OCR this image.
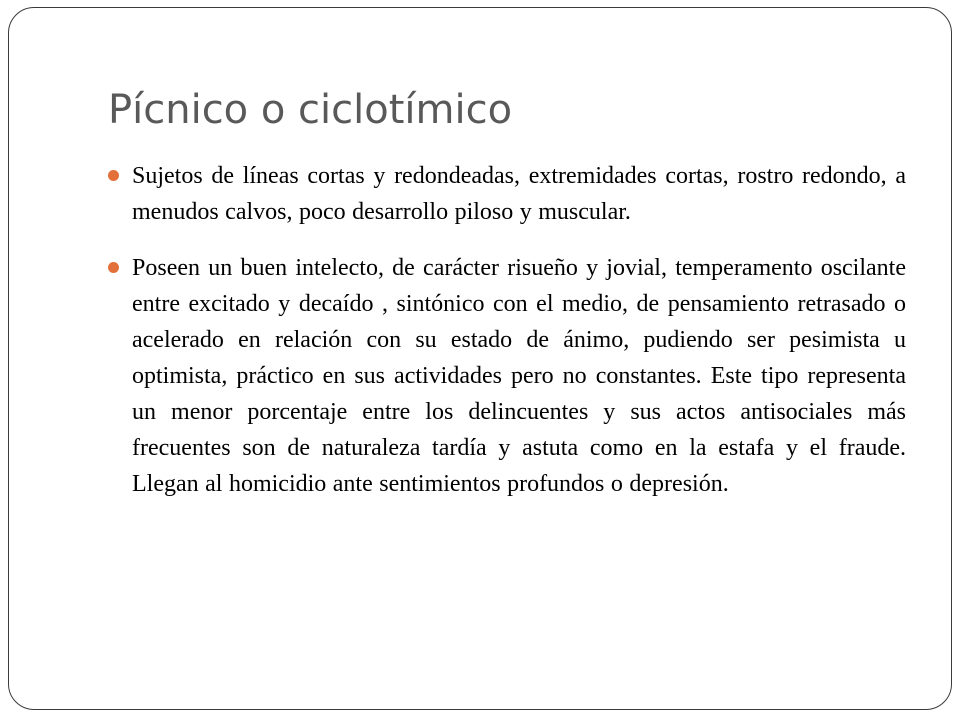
Pícnico o ciclotímico
Sujetos de líneas cortas y redondeadas, extremidades cortas, rostro redondo, a menudos calvos, poco desarrollo piloso y muscular.
Poseen un buen intelecto, de carácter risueño y jovial, temperamento oscilante entre excitado y decaído , sintónico con el medio, de pensamiento retrasado o acelerado en relación con su estado de ánimo, pudiendo ser pesimista u optimista, práctico en sus actividades pero no constantes. Este tipo representa un menor porcentaje entre los delincuentes y sus actos antisociales más frecuentes son de naturaleza tardía y astuta como en la estafa y el fraude. Llegan al homicidio ante sentimientos profundos o depresión.
